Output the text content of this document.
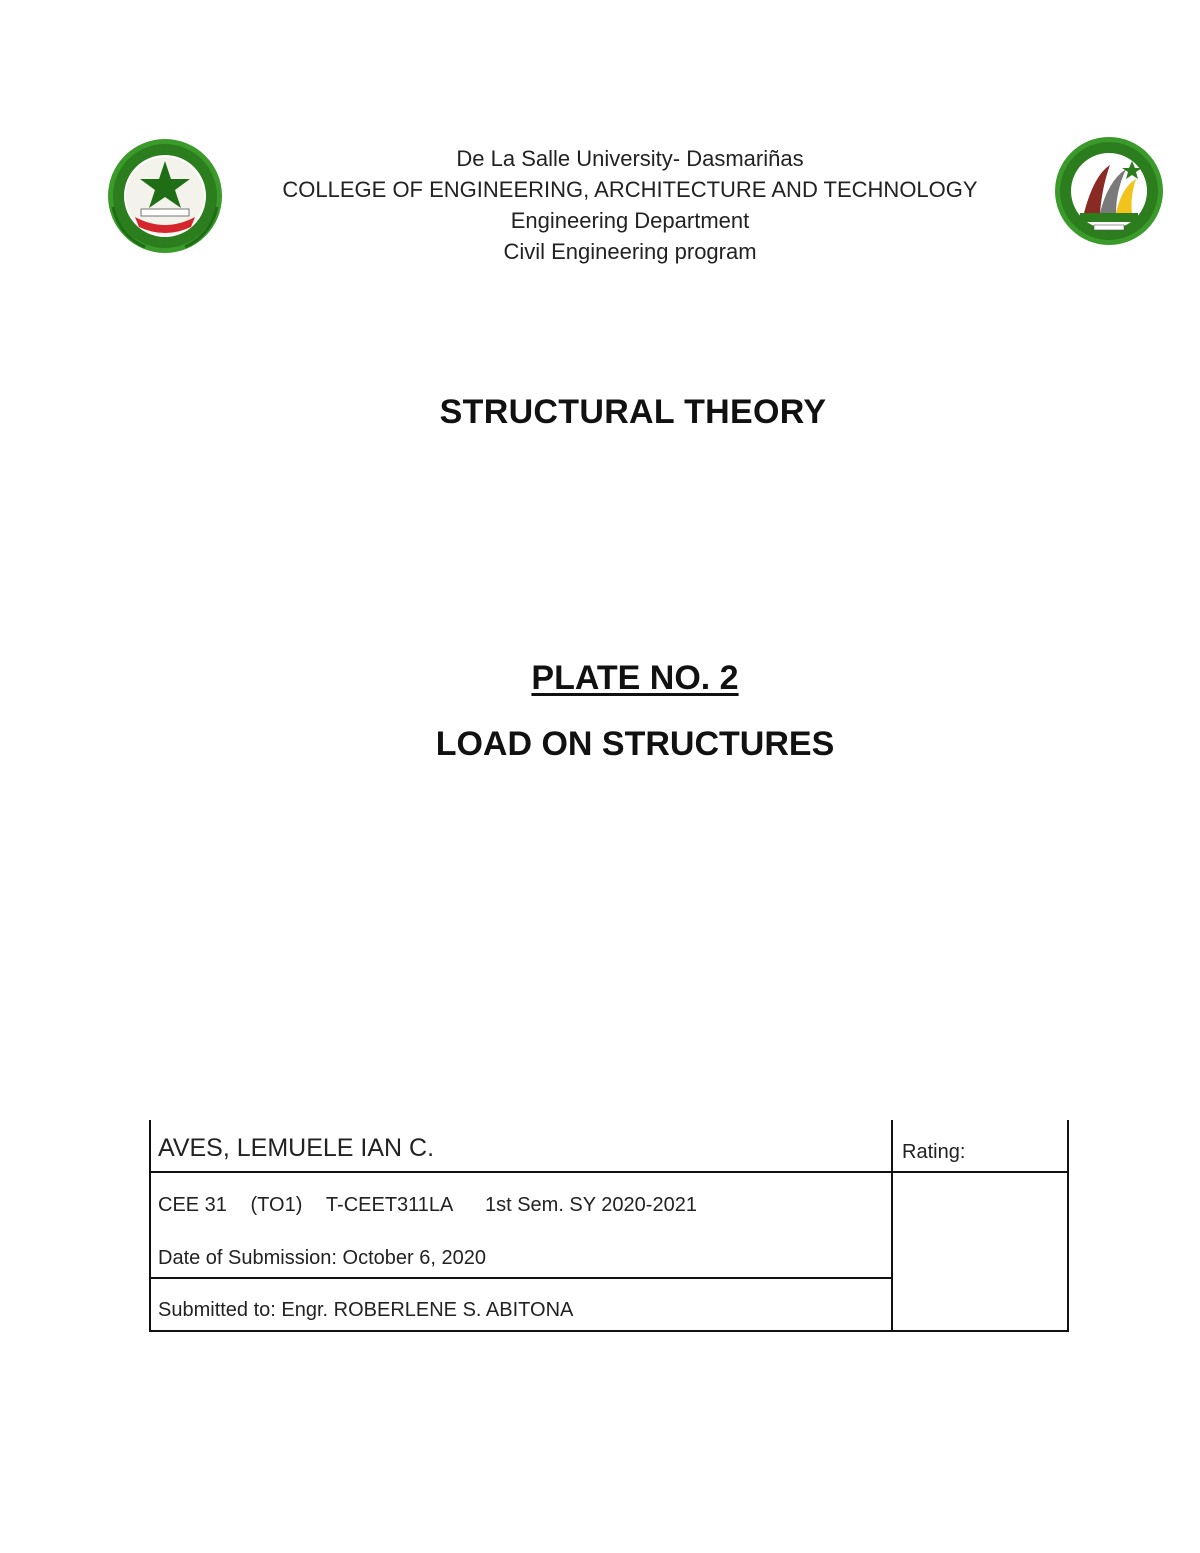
De La Salle University- Dasmariñas
COLLEGE OF ENGINEERING, ARCHITECTURE AND TECHNOLOGY
Engineering Department
Civil Engineering program
STRUCTURAL THEORY
PLATE NO. 2
LOAD ON STRUCTURES
AVES, LEMUELE IAN C.	Rating:
CEE 31 (TO1) T-CEET311LA 1st Sem. SY 2020-2021
Date of Submission: October 6, 2020
Submitted to: Engr. ROBERLENE S. ABITONA
